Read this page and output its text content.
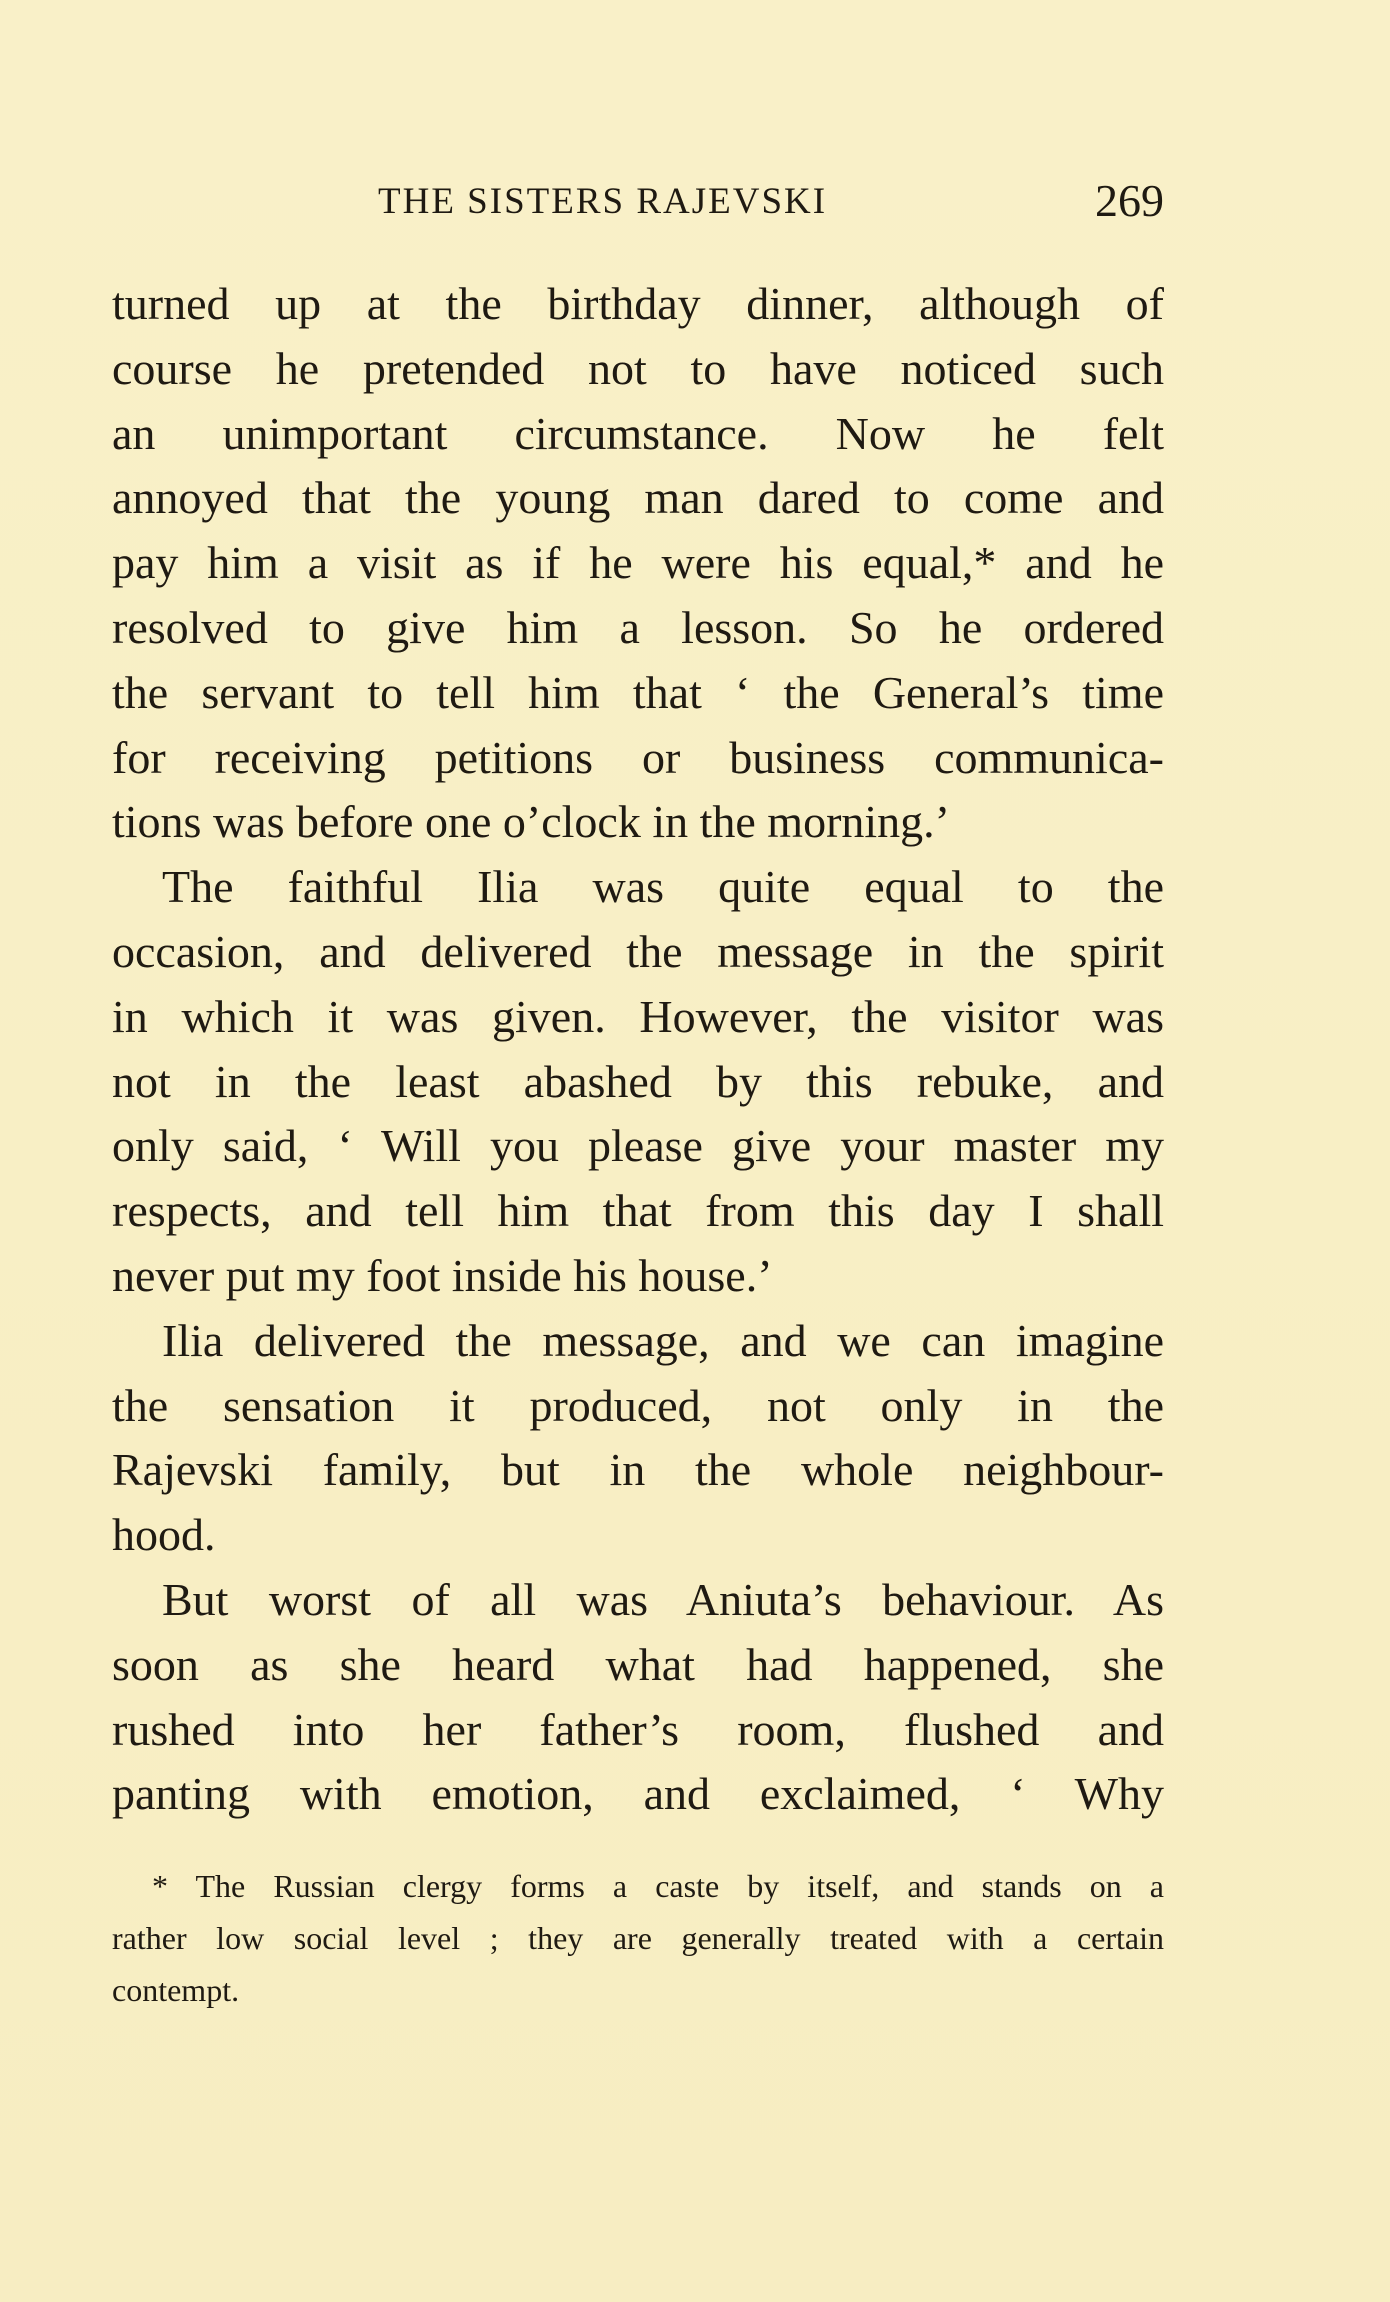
THE SISTERS RAJEVSKI	269
turned up at the birthday dinner, although of
course he pretended not to have noticed such
an unimportant circumstance. Now he felt
annoyed that the young man dared to come and
pay him a visit as if he were his equal,* and he
resolved to give him a lesson. So he ordered
the servant to tell him that ‘ the General’s time
for receiving petitions or business communica-
tions was before one o’clock in the morning.’
The faithful Ilia was quite equal to the
occasion, and delivered the message in the spirit
in which it was given. However, the visitor was
not in the least abashed by this rebuke, and
only said, ‘ Will you please give your master my
respects, and tell him that from this day I shall
never put my foot inside his house.’
Ilia delivered the message, and we can imagine
the sensation it produced, not only in the
Rajevski family, but in the whole neighbour-
hood.
But worst of all was Aniuta’s behaviour. As
soon as she heard what had happened, she
rushed into her father’s room, flushed and
panting with emotion, and exclaimed, ‘ Why
* The Russian clergy forms a caste by itself, and stands on a
rather low social level ; they are generally treated with a certain
contempt.
